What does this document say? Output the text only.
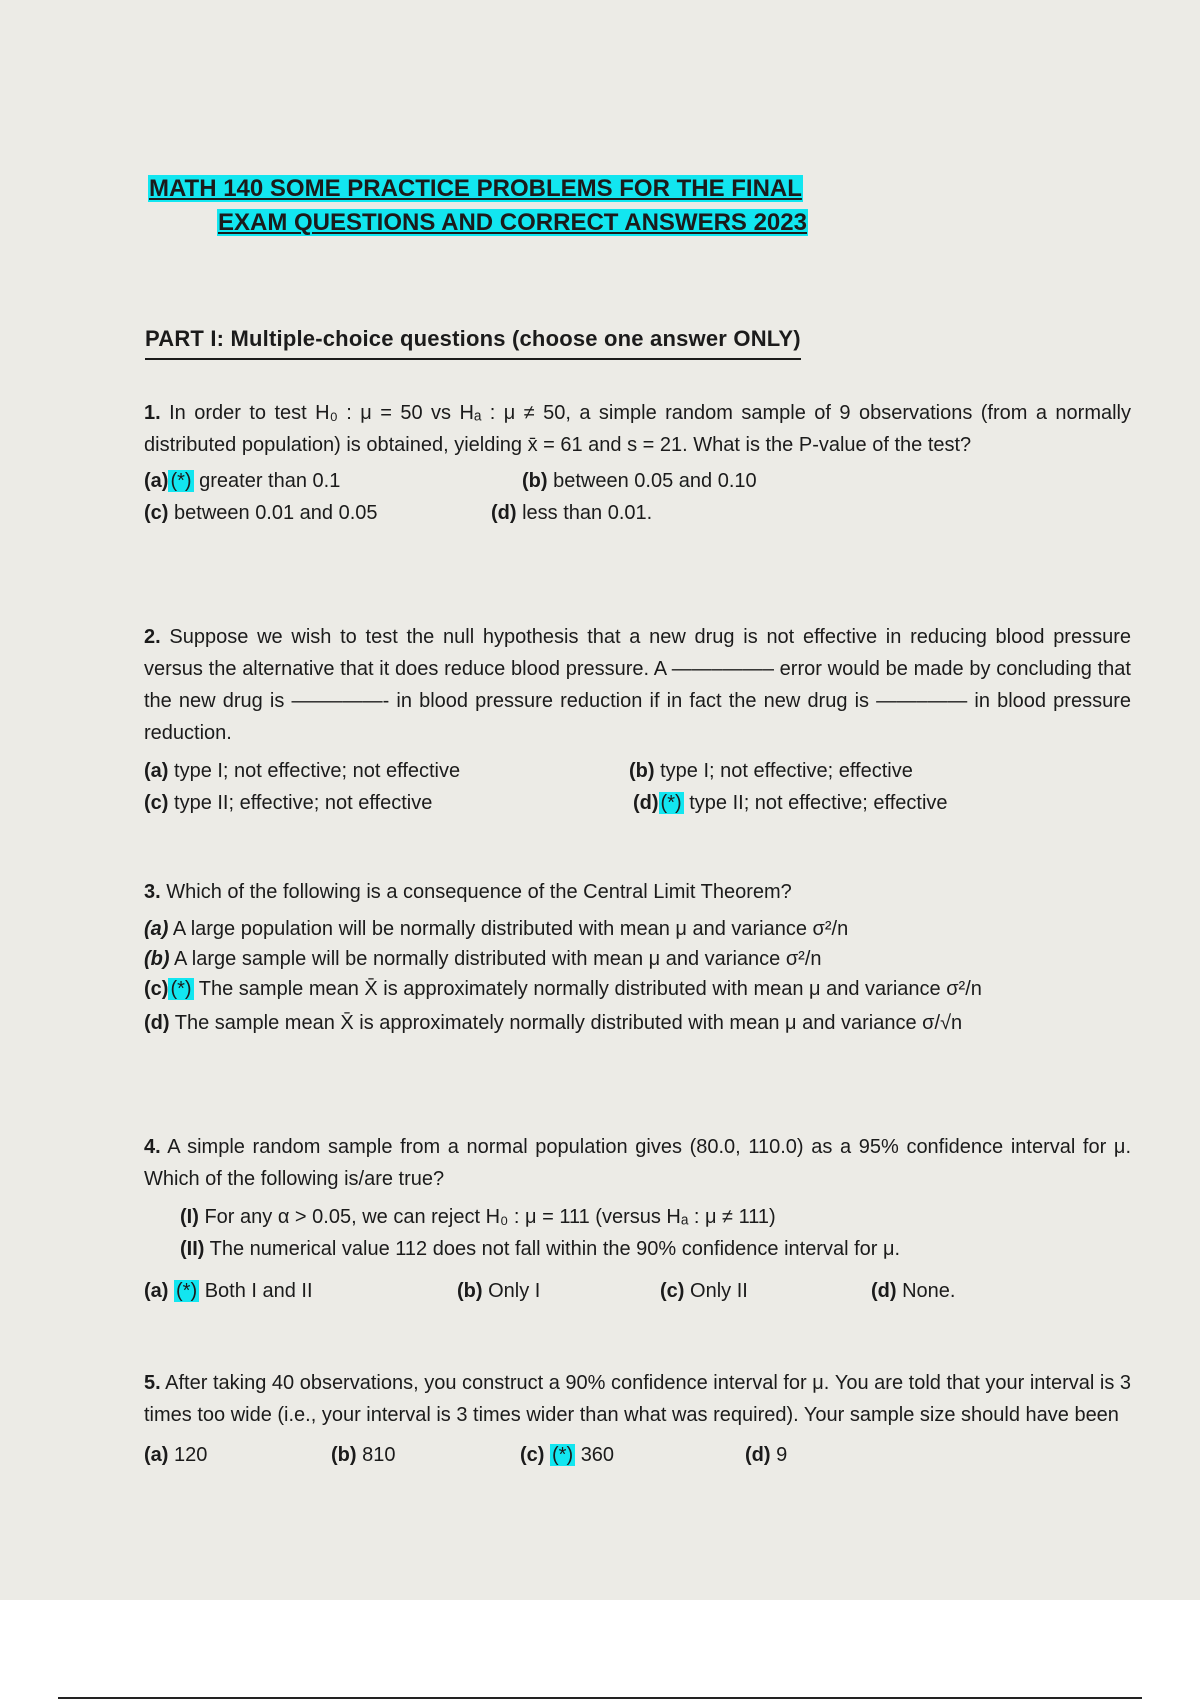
MATH 140 SOME PRACTICE PROBLEMS FOR THE FINAL
EXAM QUESTIONS AND CORRECT ANSWERS 2023
PART I: Multiple-choice questions (choose one answer ONLY)

1. In order to test H₀ : μ = 50 vs Hₐ : μ ≠ 50, a simple random sample of 9 observations (from a normally distributed population) is obtained, yielding x̄ = 61 and s = 21. What is the P-value of the test?

(a) (*) greater than 0.1	(b) between 0.05 and 0.10
(c) between 0.01 and 0.05	(d) less than 0.01.

2. Suppose we wish to test the null hypothesis that a new drug is not effective in reducing blood pressure versus the alternative that it does reduce blood pressure. A ——–——– error would be made by concluding that the new drug is ——–——- in blood pressure reduction if in fact the new drug is ——–—— in blood pressure reduction.

(a) type I; not effective; not effective	(b) type I; not effective; effective
(c) type II; effective; not effective	(d) (*) type II; not effective; effective

3. Which of the following is a consequence of the Central Limit Theorem?

(a) A large population will be normally distributed with mean μ and variance σ²/n
(b) A large sample will be normally distributed with mean μ and variance σ²/n
(c) (*) The sample mean X̄ is approximately normally distributed with mean μ and variance σ²/n
(d) The sample mean X̄ is approximately normally distributed with mean μ and variance σ/√n

4. A simple random sample from a normal population gives (80.0, 110.0) as a 95% confidence interval for μ. Which of the following is/are true?

(I) For any α > 0.05, we can reject H₀ : μ = 111 (versus Hₐ : μ ≠ 111)
(II) The numerical value 112 does not fall within the 90% confidence interval for μ.
(a) (*) Both I and II	(b) Only I	(c) Only II	(d) None.

5. After taking 40 observations, you construct a 90% confidence interval for μ. You are told that your interval is 3 times too wide (i.e., your interval is 3 times wider than what was required). Your sample size should have been

(a) 120	(b) 810	(c) (*) 360	(d) 9
